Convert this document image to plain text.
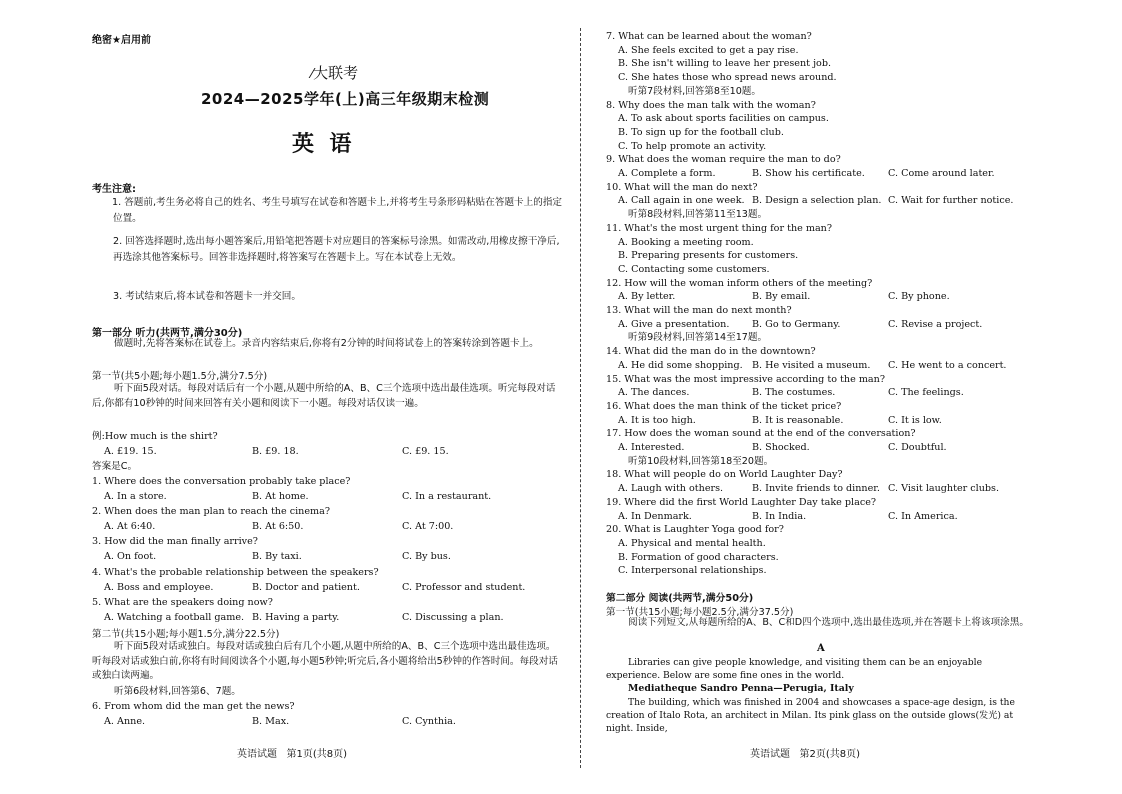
绝密★启用前
⁄大联考
2024—2025学年(上)高三年级期末检测
英  语
考生注意:
1. 答题前,考生务必将自己的姓名、考生号填写在试卷和答题卡上,并将考生号条形码粘贴在答题卡上的指定位置。
2. 回答选择题时,选出每小题答案后,用铅笔把答题卡对应题目的答案标号涂黑。如需改动,用橡皮擦干净后,再选涂其他答案标号。回答非选择题时,将答案写在答题卡上。写在本试卷上无效。
3. 考试结束后,将本试卷和答题卡一并交回。
第一部分 听力(共两节,满分30分)
做题时,先将答案标在试卷上。录音内容结束后,你将有2分钟的时间将试卷上的答案转涂到答题卡上。
第一节(共5小题;每小题1.5分,满分7.5分)
听下面5段对话。每段对话后有一个小题,从题中所给的A、B、C三个选项中选出最佳选项。听完每段对话后,你都有10秒钟的时间来回答有关小题和阅读下一小题。每段对话仅读一遍。
例:How much is the shirt?
A. £19. 15.	B. £9. 18.	C. £9. 15.
答案是C。
1. Where does the conversation probably take place?
A. In a store.	B. At home.	C. In a restaurant.
2. When does the man plan to reach the cinema?
A. At 6:40.	B. At 6:50.	C. At 7:00.
3. How did the man finally arrive?
A. On foot.	B. By taxi.	C. By bus.
4. What's the probable relationship between the speakers?
A. Boss and employee.	B. Doctor and patient.	C. Professor and student.
5. What are the speakers doing now?
A. Watching a football game. B. Having a party.	C. Discussing a plan.
第二节(共15小题;每小题1.5分,满分22.5分)
听下面5段对话或独白。每段对话或独白后有几个小题,从题中所给的A、B、C三个选项中选出最佳选项。听每段对话或独白前,你将有时间阅读各个小题,每小题5秒钟;听完后,各小题将给出5秒钟的作答时间。每段对话或独白读两遍。
听第6段材料,回答第6、7题。
6. From whom did the man get the news?
A. Anne.	B. Max.	C. Cynthia.
英语试题   第1页(共8页)
7. What can be learned about the woman?
A. She feels excited to get a pay rise.
B. She isn't willing to leave her present job.
C. She hates those who spread news around.
听第7段材料,回答第8至10题。
8. Why does the man talk with the woman?
A. To ask about sports facilities on campus.
B. To sign up for the football club.
C. To help promote an activity.
9. What does the woman require the man to do?
A. Complete a form.	B. Show his certificate. C. Come around later.
10. What will the man do next?
A. Call again in one week. B. Design a selection plan. C. Wait for further notice.
听第8段材料,回答第11至13题。
11. What's the most urgent thing for the man?
A. Booking a meeting room.
B. Preparing presents for customers.
C. Contacting some customers.
12. How will the woman inform others of the meeting?
A. By letter.	B. By email.	C. By phone.
13. What will the man do next month?
A. Give a presentation. B. Go to Germany.	C. Revise a project.
听第9段材料,回答第14至17题。
14. What did the man do in the downtown?
A. He did some shopping. B. He visited a museum. C. He went to a concert.
15. What was the most impressive according to the man?
A. The dances.	B. The costumes.	C. The feelings.
16. What does the man think of the ticket price?
A. It is too high.	B. It is reasonable.	C. It is low.
17. How does the woman sound at the end of the conversation?
A. Interested.	B. Shocked.	C. Doubtful.
听第10段材料,回答第18至20题。
18. What will people do on World Laughter Day?
A. Laugh with others.	B. Invite friends to dinner. C. Visit laughter clubs.
19. Where did the first World Laughter Day take place?
A. In Denmark.	B. In India.	C. In America.
20. What is Laughter Yoga good for?
A. Physical and mental health.
B. Formation of good characters.
C. Interpersonal relationships.
第二部分 阅读(共两节,满分50分)
第一节(共15小题;每小题2.5分,满分37.5分)
阅读下列短文,从每题所给的A、B、C和D四个选项中,选出最佳选项,并在答题卡上将该项涂黑。
A
Libraries can give people knowledge, and visiting them can be an enjoyable experience. Below are some fine ones in the world.
Mediatheque Sandro Penna—Perugia, Italy
The building, which was finished in 2004 and showcases a space-age design, is the creation of Italo Rota, an architect in Milan. Its pink glass on the outside glows(发光) at night. Inside,
英语试题   第2页(共8页)
